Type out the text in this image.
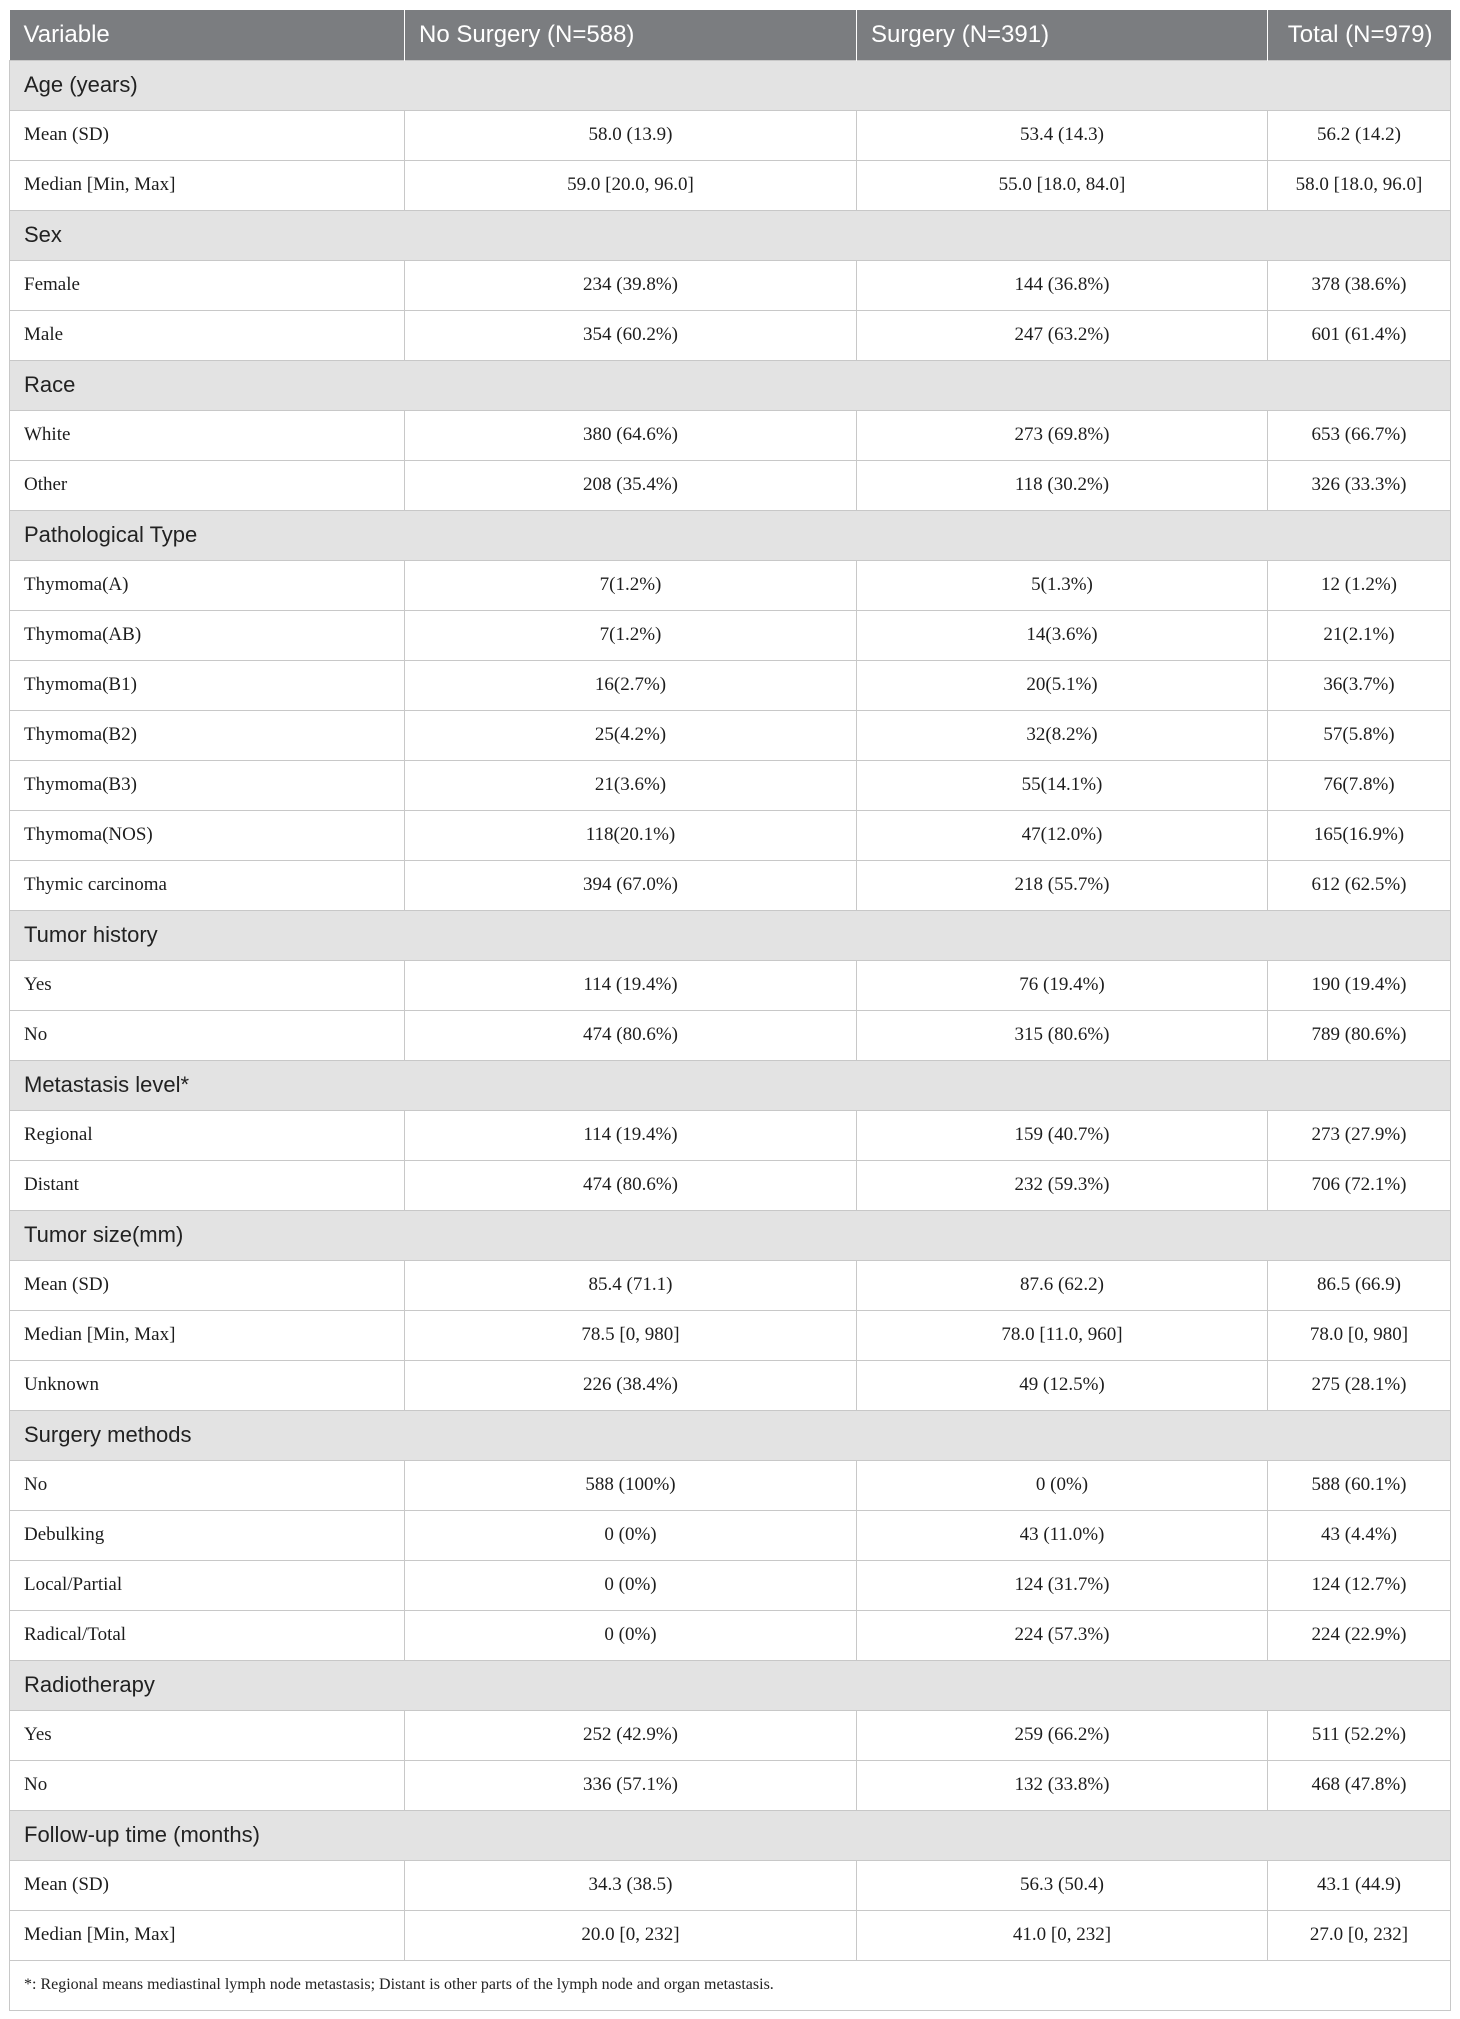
Variable	No Surgery (N=588)	Surgery (N=391)	Total (N=979)
Age (years)			
Mean (SD)	58.0 (13.9)	53.4 (14.3)	56.2 (14.2)
Median [Min, Max]	59.0 [20.0, 96.0]	55.0 [18.0, 84.0]	58.0 [18.0, 96.0]
Sex			
Female	234 (39.8%)	144 (36.8%)	378 (38.6%)
Male	354 (60.2%)	247 (63.2%)	601 (61.4%)
Race			
White	380 (64.6%)	273 (69.8%)	653 (66.7%)
Other	208 (35.4%)	118 (30.2%)	326 (33.3%)
Pathological Type			
Thymoma(A)	7(1.2%)	5(1.3%)	12 (1.2%)
Thymoma(AB)	7(1.2%)	14(3.6%)	21(2.1%)
Thymoma(B1)	16(2.7%)	20(5.1%)	36(3.7%)
Thymoma(B2)	25(4.2%)	32(8.2%)	57(5.8%)
Thymoma(B3)	21(3.6%)	55(14.1%)	76(7.8%)
Thymoma(NOS)	118(20.1%)	47(12.0%)	165(16.9%)
Thymic carcinoma	394 (67.0%)	218 (55.7%)	612 (62.5%)
Tumor history			
Yes	114 (19.4%)	76 (19.4%)	190 (19.4%)
No	474 (80.6%)	315 (80.6%)	789 (80.6%)
Metastasis level*			
Regional	114 (19.4%)	159 (40.7%)	273 (27.9%)
Distant	474 (80.6%)	232 (59.3%)	706 (72.1%)
Tumor size(mm)			
Mean (SD)	85.4 (71.1)	87.6 (62.2)	86.5 (66.9)
Median [Min, Max]	78.5 [0, 980]	78.0 [11.0, 960]	78.0 [0, 980]
Unknown	226 (38.4%)	49 (12.5%)	275 (28.1%)
Surgery methods			
No	588 (100%)	0 (0%)	588 (60.1%)
Debulking	0 (0%)	43 (11.0%)	43 (4.4%)
Local/Partial	0 (0%)	124 (31.7%)	124 (12.7%)
Radical/Total	0 (0%)	224 (57.3%)	224 (22.9%)
Radiotherapy			
Yes	252 (42.9%)	259 (66.2%)	511 (52.2%)
No	336 (57.1%)	132 (33.8%)	468 (47.8%)
Follow-up time (months)			
Mean (SD)	34.3 (38.5)	56.3 (50.4)	43.1 (44.9)
Median [Min, Max]	20.0 [0, 232]	41.0 [0, 232]	27.0 [0, 232]
*: Regional means mediastinal lymph node metastasis; Distant is other parts of the lymph node and organ metastasis.			
